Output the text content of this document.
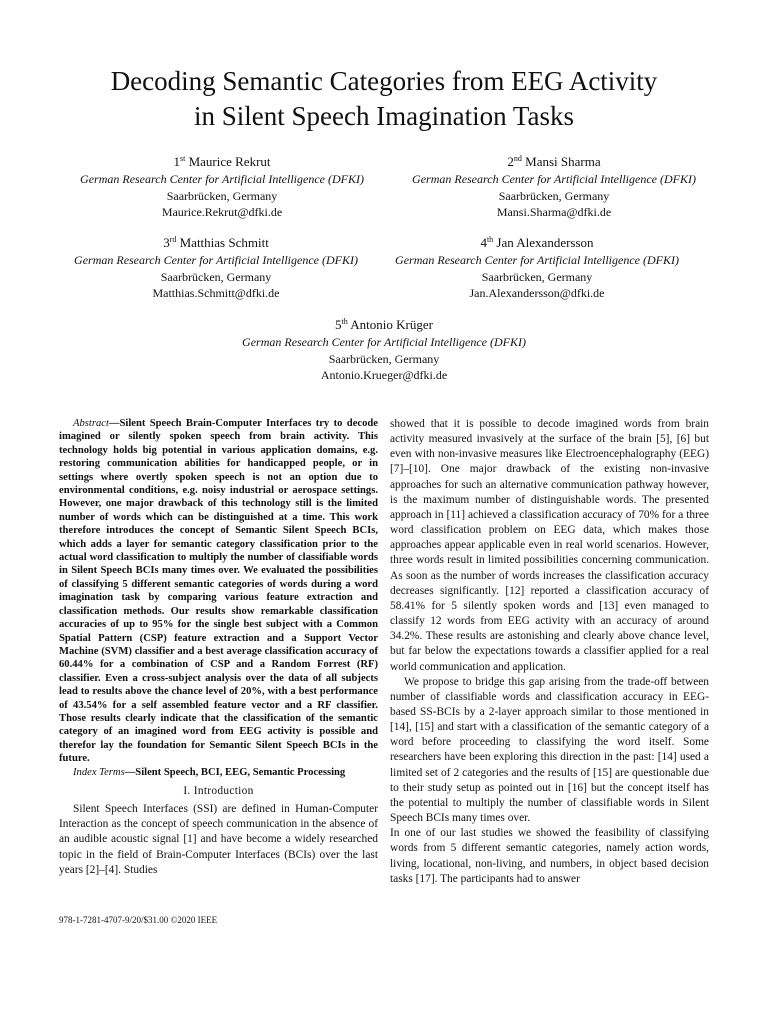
Decoding Semantic Categories from EEG Activity
in Silent Speech Imagination Tasks
1st Maurice Rekrut
German Research Center for Artificial Intelligence (DFKI)
Saarbrücken, Germany
Maurice.Rekrut@dfki.de
2nd Mansi Sharma
German Research Center for Artificial Intelligence (DFKI)
Saarbrücken, Germany
Mansi.Sharma@dfki.de
3rd Matthias Schmitt
German Research Center for Artificial Intelligence (DFKI)
Saarbrücken, Germany
Matthias.Schmitt@dfki.de
4th Jan Alexandersson
German Research Center for Artificial Intelligence (DFKI)
Saarbrücken, Germany
Jan.Alexandersson@dfki.de
5th Antonio Krüger
German Research Center for Artificial Intelligence (DFKI)
Saarbrücken, Germany
Antonio.Krueger@dfki.de

Abstract—Silent Speech Brain-Computer Interfaces try to decode imagined or silently spoken speech from brain activity. This technology holds big potential in various application domains, e.g. restoring communication abilities for handicapped people, or in settings where overtly spoken speech is not an option due to environmental conditions, e.g. noisy industrial or aerospace settings. However, one major drawback of this technology still is the limited number of words which can be distinguished at a time. This work therefore introduces the concept of Semantic Silent Speech BCIs, which adds a layer for semantic category classification prior to the actual word classification to multiply the number of classifiable words in Silent Speech BCIs many times over. We evaluated the possibilities of classifying 5 different semantic categories of words during a word imagination task by comparing various feature extraction and classification methods. Our results show remarkable classification accuracies of up to 95% for the single best subject with a Common Spatial Pattern (CSP) feature extraction and a Support Vector Machine (SVM) classifier and a best average classification accuracy of 60.44% for a combination of CSP and a Random Forrest (RF) classifier. Even a cross-subject analysis over the data of all subjects lead to results above the chance level of 20%, with a best performance of 43.54% for a self assembled feature vector and a RF classifier. Those results clearly indicate that the classification of the semantic category of an imagined word from EEG activity is possible and therefor lay the foundation for Semantic Silent Speech BCIs in the future.

Index Terms—Silent Speech, BCI, EEG, Semantic Processing

I. Introduction

Silent Speech Interfaces (SSI) are defined in Human-Computer Interaction as the concept of speech communication in the absence of an audible acoustic signal [1] and have become a widely researched topic in the field of Brain-Computer Interfaces (BCIs) over the last years [2]–[4]. Studies

showed that it is possible to decode imagined words from brain activity measured invasively at the surface of the brain [5], [6] but even with non-invasive measures like Electroencephalography (EEG) [7]–[10]. One major drawback of the existing non-invasive approaches for such an alternative communication pathway however, is the maximum number of distinguishable words. The presented approach in [11] achieved a classification accuracy of 70% for a three word classification problem on EEG data, which makes those approaches appear applicable even in real world scenarios. However, three words result in limited possibilities concerning communication. As soon as the number of words increases the classification accuracy decreases significantly. [12] reported a classification accuracy of 58.41% for 5 silently spoken words and [13] even managed to classify 12 words from EEG activity with an accuracy of around 34.2%. These results are astonishing and clearly above chance level, but far below the expectations towards a classifier applied for a real world communication and application.

We propose to bridge this gap arising from the trade-off between number of classifiable words and classification accuracy in EEG-based SS-BCIs by a 2-layer approach similar to those mentioned in [14], [15] and start with a classification of the semantic category of a word before proceeding to classifying the word itself. Some researchers have been exploring this direction in the past: [14] used a limited set of 2 categories and the results of [15] are questionable due to their study setup as pointed out in [16] but the concept itself has the potential to multiply the number of classifiable words in Silent Speech BCIs many times over.

In one of our last studies we showed the feasibility of classifying words from 5 different semantic categories, namely action words, living, locational, non-living, and numbers, in object based decision tasks [17]. The participants had to answer

978-1-7281-4707-9/20/$31.00 ©2020 IEEE
